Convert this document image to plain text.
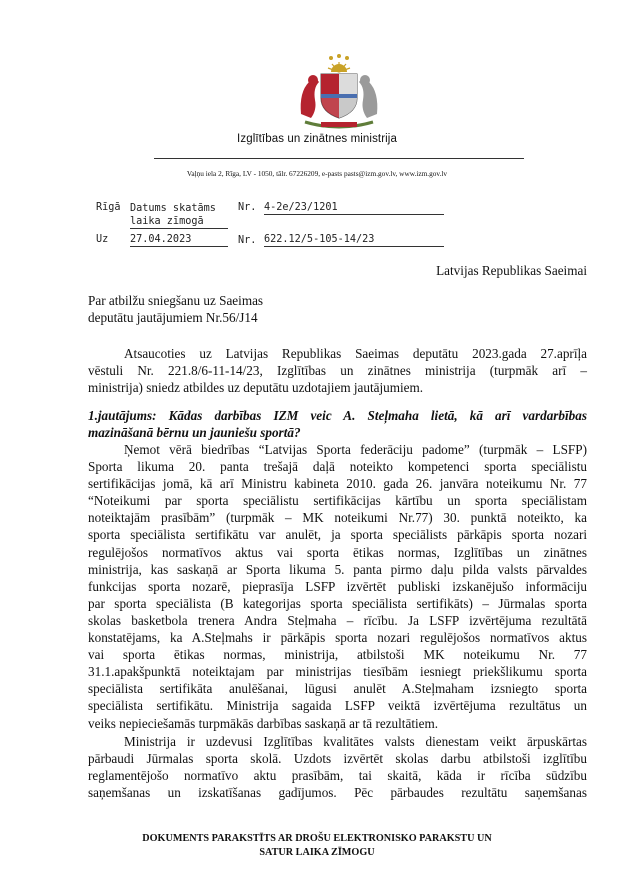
Izglītības un zinātnes ministrija
Vaļņu iela 2, Rīga, LV - 1050, tālr. 67226209, e-pasts pasts@izm.gov.lv, www.izm.gov.lv
Rīgā Datums skatāms
laika zīmogā
Nr. 4-2e/23/1201
Uz 27.04.2023	Nr. 622.12/5-105-14/23
Latvijas Republikas Saeimai
Par atbilžu sniegšanu uz Saeimas
deputātu jautājumiem Nr.56/J14
Atsaucoties uz Latvijas Republikas Saeimas deputātu 2023.gada 27.aprīļa
vēstuli Nr. 221.8/6-11-14/23, Izglītības un zinātnes ministrija (turpmāk arī –
ministrija) sniedz atbildes uz deputātu uzdotajiem jautājumiem.
1.jautājums: Kādas darbības IZM veic A. Steļmaha lietā, kā arī vardarbības
mazināšanā bērnu un jauniešu sportā?
Ņemot vērā biedrības “Latvijas Sporta federāciju padome” (turpmāk – LSFP)
Sporta likuma 20. panta trešajā daļā noteikto kompetenci sporta speciālistu
sertifikācijas jomā, kā arī Ministru kabineta 2010. gada 26. janvāra noteikumu Nr. 77
“Noteikumi par sporta speciālistu sertifikācijas kārtību un sporta speciālistam
noteiktajām prasībām” (turpmāk – MK noteikumi Nr.77) 30. punktā noteikto, ka
sporta speciālista sertifikātu var anulēt, ja sporta speciālists pārkāpis sporta nozari
regulējošos normatīvos aktus vai sporta ētikas normas, Izglītības un zinātnes
ministrija, kas saskaņā ar Sporta likuma 5. panta pirmo daļu pilda valsts pārvaldes
funkcijas sporta nozarē, pieprasīja LSFP izvērtēt publiski izskanējušo informāciju
par sporta speciālista (B kategorijas sporta speciālista sertifikāts) – Jūrmalas sporta
skolas basketbola trenera Andra Steļmaha – rīcību. Ja LSFP izvērtējuma rezultātā
konstatējams, ka A.Steļmahs ir pārkāpis sporta nozari regulējošos normatīvos aktus
vai sporta ētikas normas, ministrija, atbilstoši MK noteikumu Nr. 77
31.1.apakšpunktā noteiktajam par ministrijas tiesībām iesniegt priekšlikumu sporta
speciālista sertifikāta anulēšanai, lūgusi anulēt A.Steļmaham izsniegto sporta
speciālista sertifikātu. Ministrija sagaida LSFP veiktā izvērtējuma rezultātus un
veiks nepieciešamās turpmākās darbības saskaņā ar tā rezultātiem.
Ministrija ir uzdevusi Izglītības kvalitātes valsts dienestam veikt ārpuskārtas
pārbaudi Jūrmalas sporta skolā. Uzdots izvērtēt skolas darbu atbilstoši izglītību
reglamentējošo normatīvo aktu prasībām, tai skaitā, kāda ir rīcība sūdzību
saņemšanas un izskatīšanas gadījumos. Pēc pārbaudes rezultātu saņemšanas
DOKUMENTS PARAKSTĪTS AR DROŠU ELEKTRONISKO PARAKSTU UN
SATUR LAIKA ZĪMOGU
